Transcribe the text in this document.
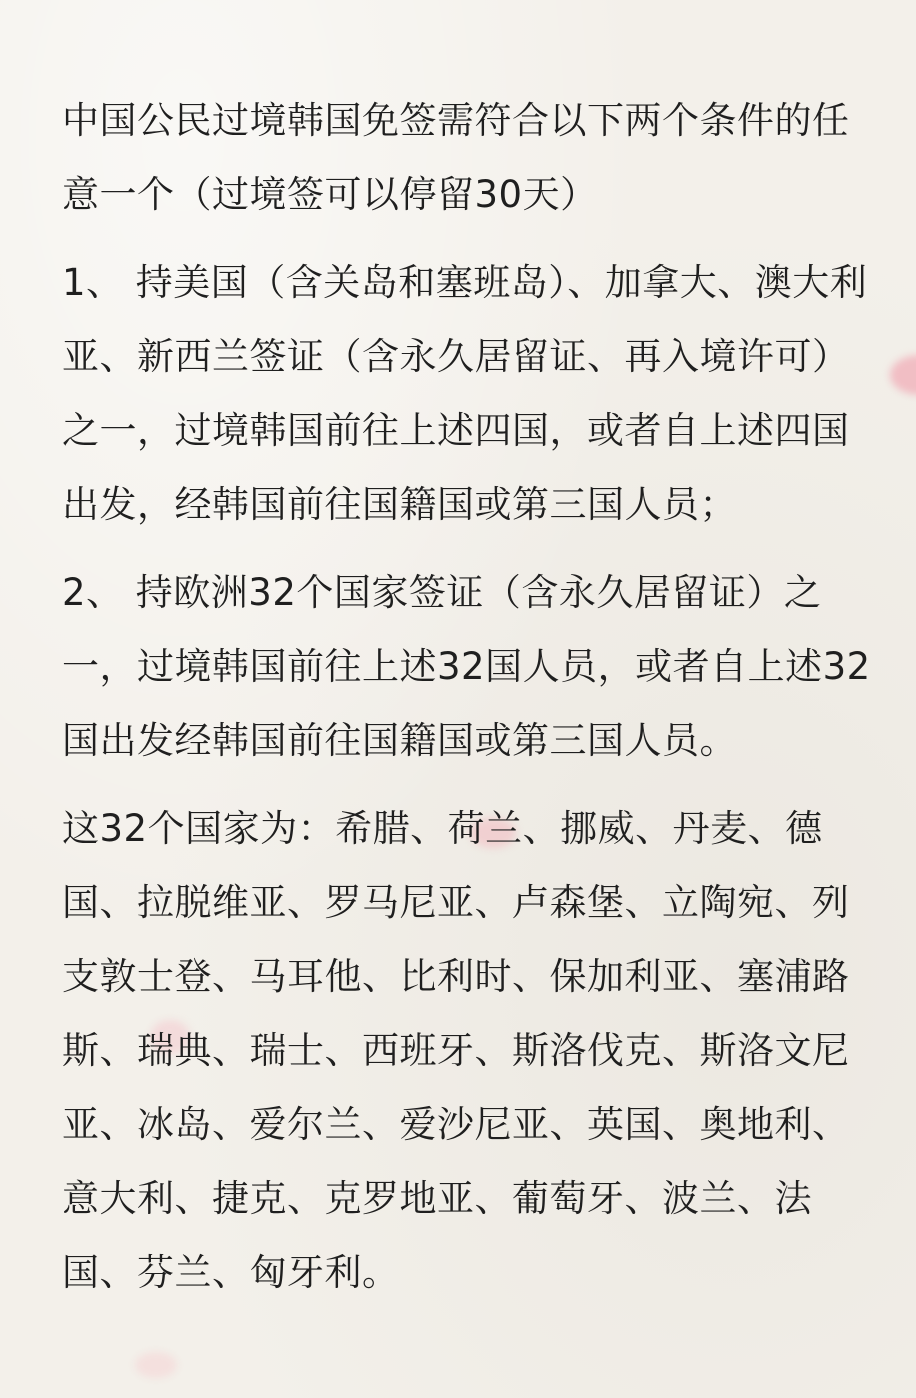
中国公民过境韩国免签需符合以下两个条件的任意一个（过境签可以停留30天）

1、 持美国（含关岛和塞班岛）、加拿大、澳大利亚、新西兰签证（含永久居留证、再入境许可）之一，过境韩国前往上述四国，或者自上述四国出发，经韩国前往国籍国或第三国人员；

2、 持欧洲32个国家签证（含永久居留证）之一，过境韩国前往上述32国人员，或者自上述32国出发经韩国前往国籍国或第三国人员。

这32个国家为：希腊、荷兰、挪威、丹麦、德国、拉脱维亚、罗马尼亚、卢森堡、立陶宛、列支敦士登、马耳他、比利时、保加利亚、塞浦路斯、瑞典、瑞士、西班牙、斯洛伐克、斯洛文尼亚、冰岛、爱尔兰、爱沙尼亚、英国、奥地利、意大利、捷克、克罗地亚、葡萄牙、波兰、法国、芬兰、匈牙利。
